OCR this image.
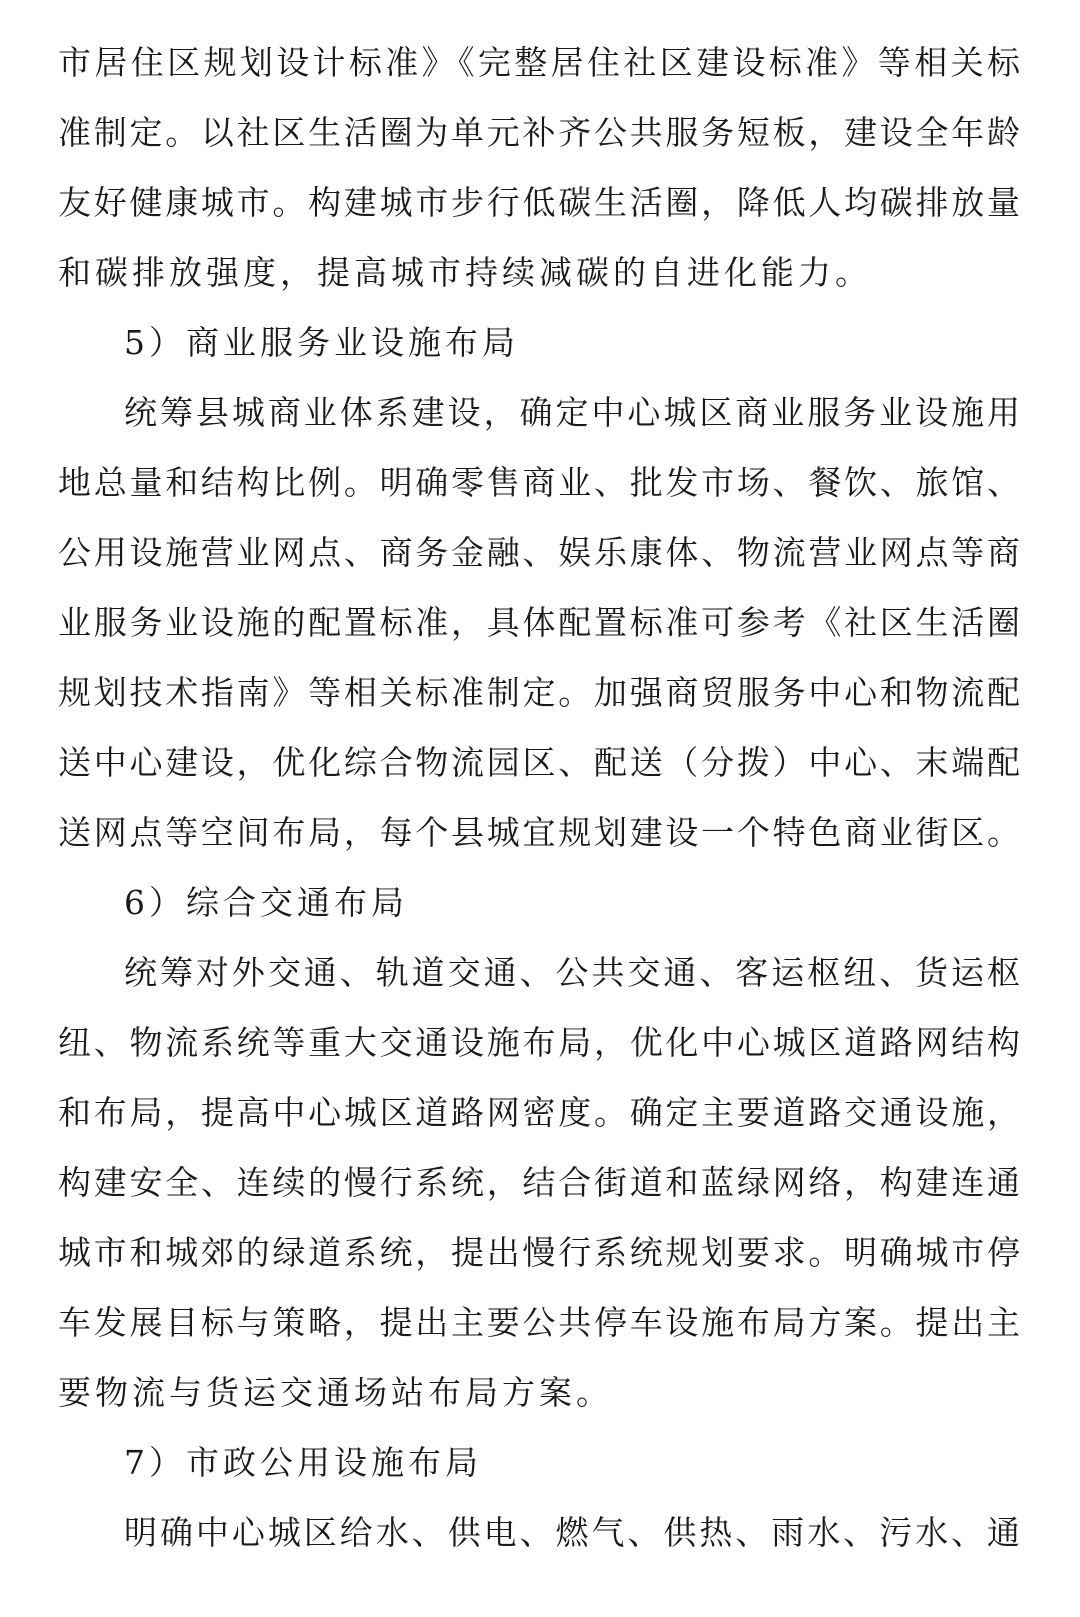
市居住区规划设计标准》《完整居住社区建设标准》等相关标
准制定。以社区生活圈为单元补齐公共服务短板，建设全年龄
友好健康城市。构建城市步行低碳生活圈，降低人均碳排放量
和碳排放强度，提高城市持续减碳的自进化能力。
5）商业服务业设施布局
统筹县城商业体系建设，确定中心城区商业服务业设施用
地总量和结构比例。明确零售商业、批发市场、餐饮、旅馆、
公用设施营业网点、商务金融、娱乐康体、物流营业网点等商
业服务业设施的配置标准，具体配置标准可参考《社区生活圈
规划技术指南》等相关标准制定。加强商贸服务中心和物流配
送中心建设，优化综合物流园区、配送（分拨）中心、末端配
送网点等空间布局，每个县城宜规划建设一个特色商业街区。
6）综合交通布局
统筹对外交通、轨道交通、公共交通、客运枢纽、货运枢
纽、物流系统等重大交通设施布局，优化中心城区道路网结构
和布局，提高中心城区道路网密度。确定主要道路交通设施，
构建安全、连续的慢行系统，结合街道和蓝绿网络，构建连通
城市和城郊的绿道系统，提出慢行系统规划要求。明确城市停
车发展目标与策略，提出主要公共停车设施布局方案。提出主
要物流与货运交通场站布局方案。
7）市政公用设施布局
明确中心城区给水、供电、燃气、供热、雨水、污水、通
